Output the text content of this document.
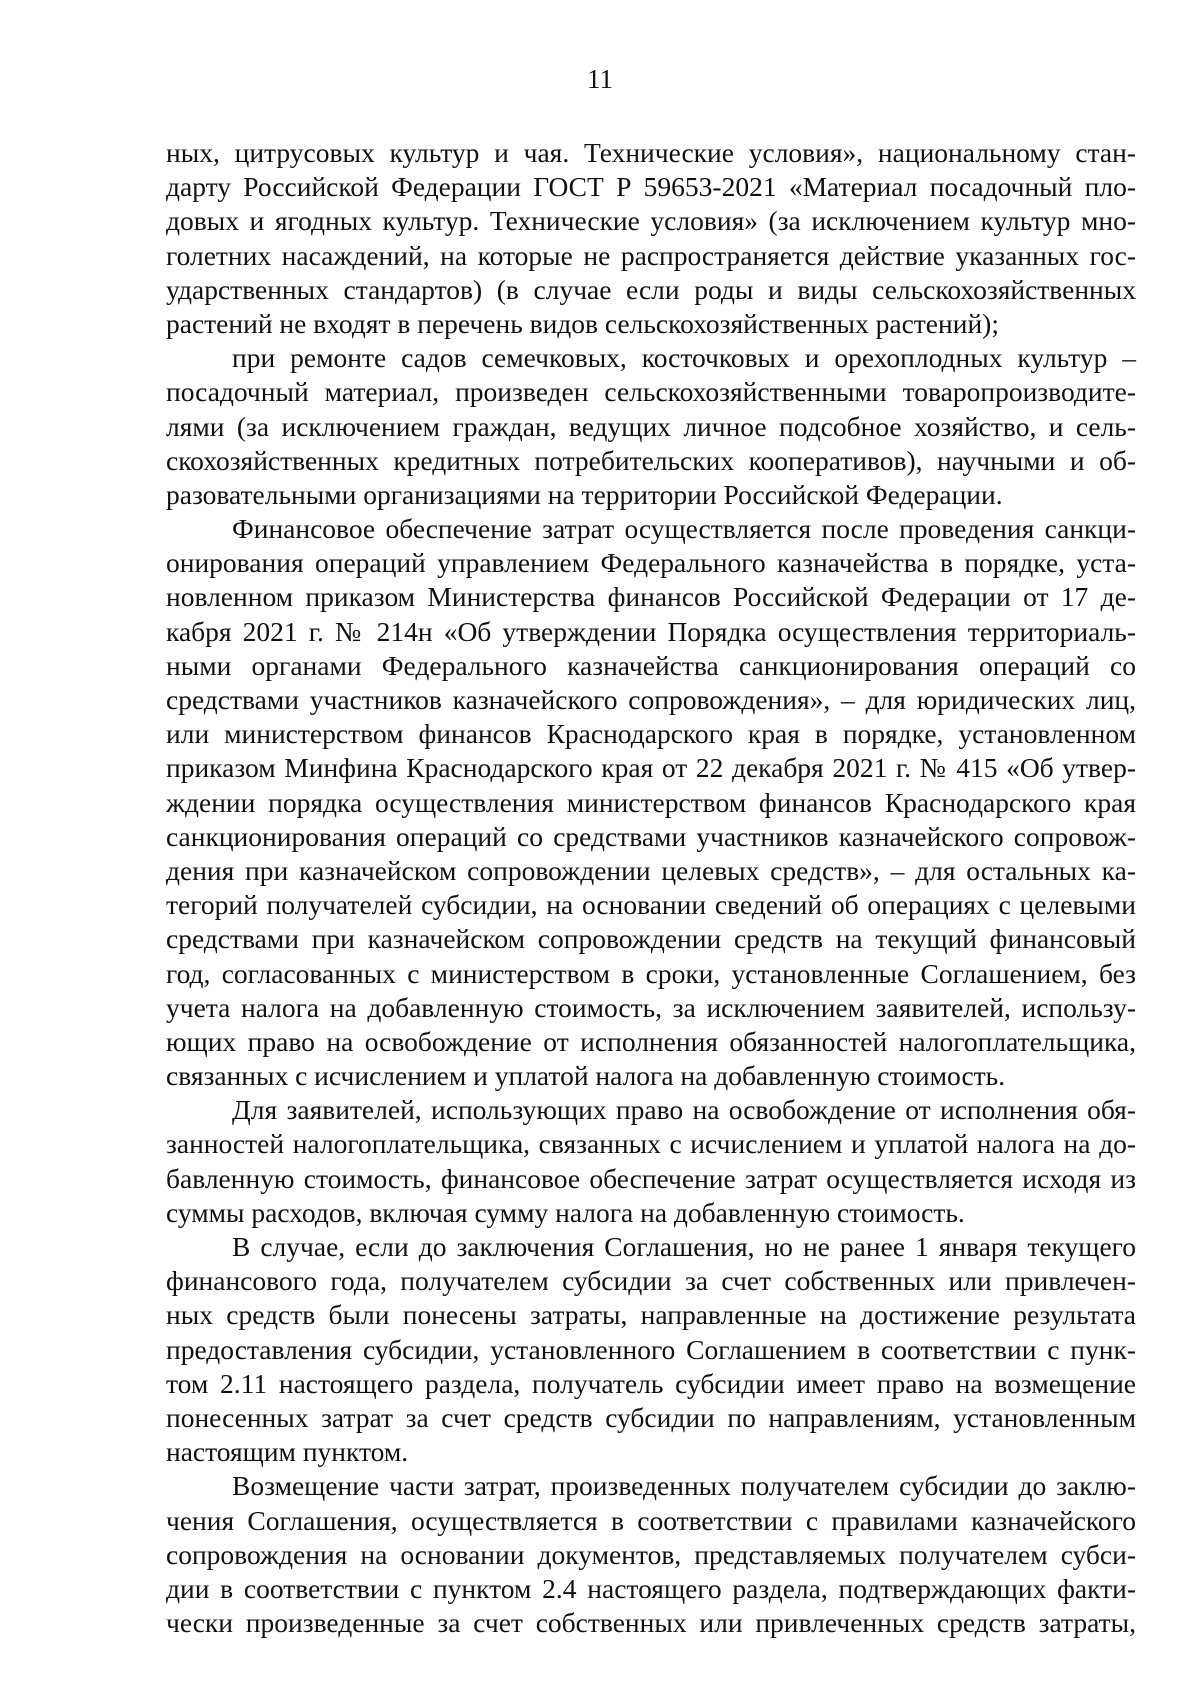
11
ных, цитрусовых культур и чая. Технические условия», национальному стан-
дарту Российской Федерации ГОСТ Р 59653-2021 «Материал посадочный пло-
довых и ягодных культур. Технические условия» (за исключением культур мно-
голетних насаждений, на которые не распространяется действие указанных гос-
ударственных стандартов) (в случае если роды и виды сельскохозяйственных
растений не входят в перечень видов сельскохозяйственных растений);
при ремонте садов семечковых, косточковых и орехоплодных культур –
посадочный материал, произведен сельскохозяйственными товаропроизводите-
лями (за исключением граждан, ведущих личное подсобное хозяйство, и сель-
скохозяйственных кредитных потребительских кооперативов), научными и об-
разовательными организациями на территории Российской Федерации.
Финансовое обеспечение затрат осуществляется после проведения санкци-
онирования операций управлением Федерального казначейства в порядке, уста-
новленном приказом Министерства финансов Российской Федерации от 17 де-
кабря 2021 г. № 214н «Об утверждении Порядка осуществления территориаль-
ными органами Федерального казначейства санкционирования операций со
средствами участников казначейского сопровождения», – для юридических лиц,
или министерством финансов Краснодарского края в порядке, установленном
приказом Минфина Краснодарского края от 22 декабря 2021 г. № 415 «Об утвер-
ждении порядка осуществления министерством финансов Краснодарского края
санкционирования операций со средствами участников казначейского сопровож-
дения при казначейском сопровождении целевых средств», – для остальных ка-
тегорий получателей субсидии, на основании сведений об операциях с целевыми
средствами при казначейском сопровождении средств на текущий финансовый
год, согласованных с министерством в сроки, установленные Соглашением, без
учета налога на добавленную стоимость, за исключением заявителей, использу-
ющих право на освобождение от исполнения обязанностей налогоплательщика,
связанных с исчислением и уплатой налога на добавленную стоимость.
Для заявителей, использующих право на освобождение от исполнения обя-
занностей налогоплательщика, связанных с исчислением и уплатой налога на до-
бавленную стоимость, финансовое обеспечение затрат осуществляется исходя из
суммы расходов, включая сумму налога на добавленную стоимость.
В случае, если до заключения Соглашения, но не ранее 1 января текущего
финансового года, получателем субсидии за счет собственных или привлечен-
ных средств были понесены затраты, направленные на достижение результата
предоставления субсидии, установленного Соглашением в соответствии с пунк-
том 2.11 настоящего раздела, получатель субсидии имеет право на возмещение
понесенных затрат за счет средств субсидии по направлениям, установленным
настоящим пунктом.
Возмещение части затрат, произведенных получателем субсидии до заклю-
чения Соглашения, осуществляется в соответствии с правилами казначейского
сопровождения на основании документов, представляемых получателем субси-
дии в соответствии с пунктом 2.4 настоящего раздела, подтверждающих факти-
чески произведенные за счет собственных или привлеченных средств затраты,
